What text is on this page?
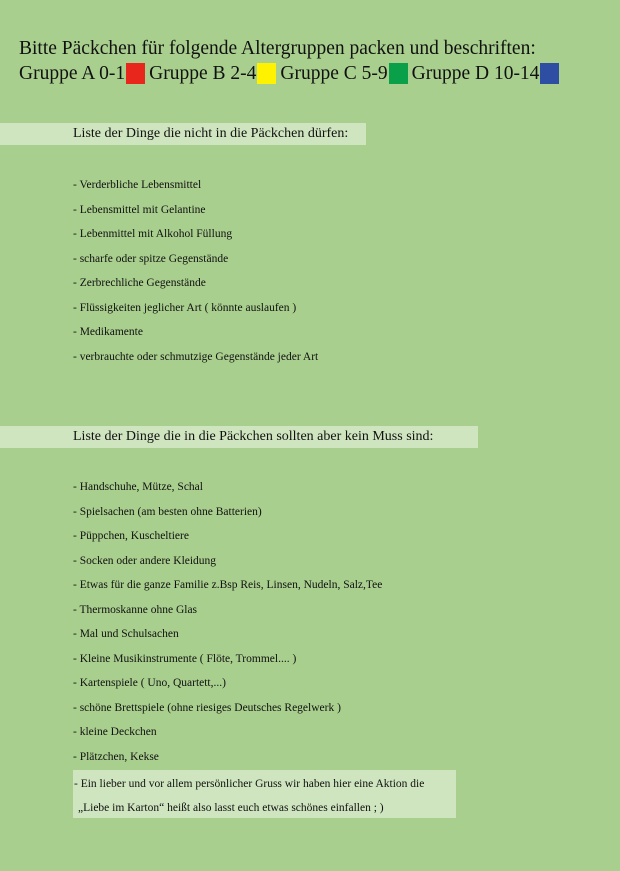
Bitte Päckchen für folgende Altergruppen packen und beschriften:
Gruppe A 0-1 Gruppe B 2-4 Gruppe C 5-9 Gruppe D 10-14
Liste der Dinge die nicht in die Päckchen dürfen:
- Verderbliche Lebensmittel
- Lebensmittel mit Gelantine
- Lebenmittel mit Alkohol Füllung
- scharfe oder spitze Gegenstände
- Zerbrechliche Gegenstände
- Flüssigkeiten jeglicher Art ( könnte auslaufen )
- Medikamente
- verbrauchte oder schmutzige Gegenstände jeder Art
Liste der Dinge die in die Päckchen sollten aber kein Muss sind:
- Handschuhe, Mütze, Schal
- Spielsachen (am besten ohne Batterien)
- Püppchen, Kuscheltiere
- Socken oder andere Kleidung
- Etwas für die ganze Familie z.Bsp Reis, Linsen, Nudeln, Salz,Tee
- Thermoskanne ohne Glas
- Mal und Schulsachen
- Kleine Musikinstrumente ( Flöte, Trommel.... )
- Kartenspiele ( Uno, Quartett,...)
- schöne Brettspiele (ohne riesiges Deutsches Regelwerk )
- kleine Deckchen
- Plätzchen, Kekse
- Ein lieber und vor allem persönlicher Gruss wir haben hier eine Aktion die
„Liebe im Karton“ heißt also lasst euch etwas schönes einfallen ; )
